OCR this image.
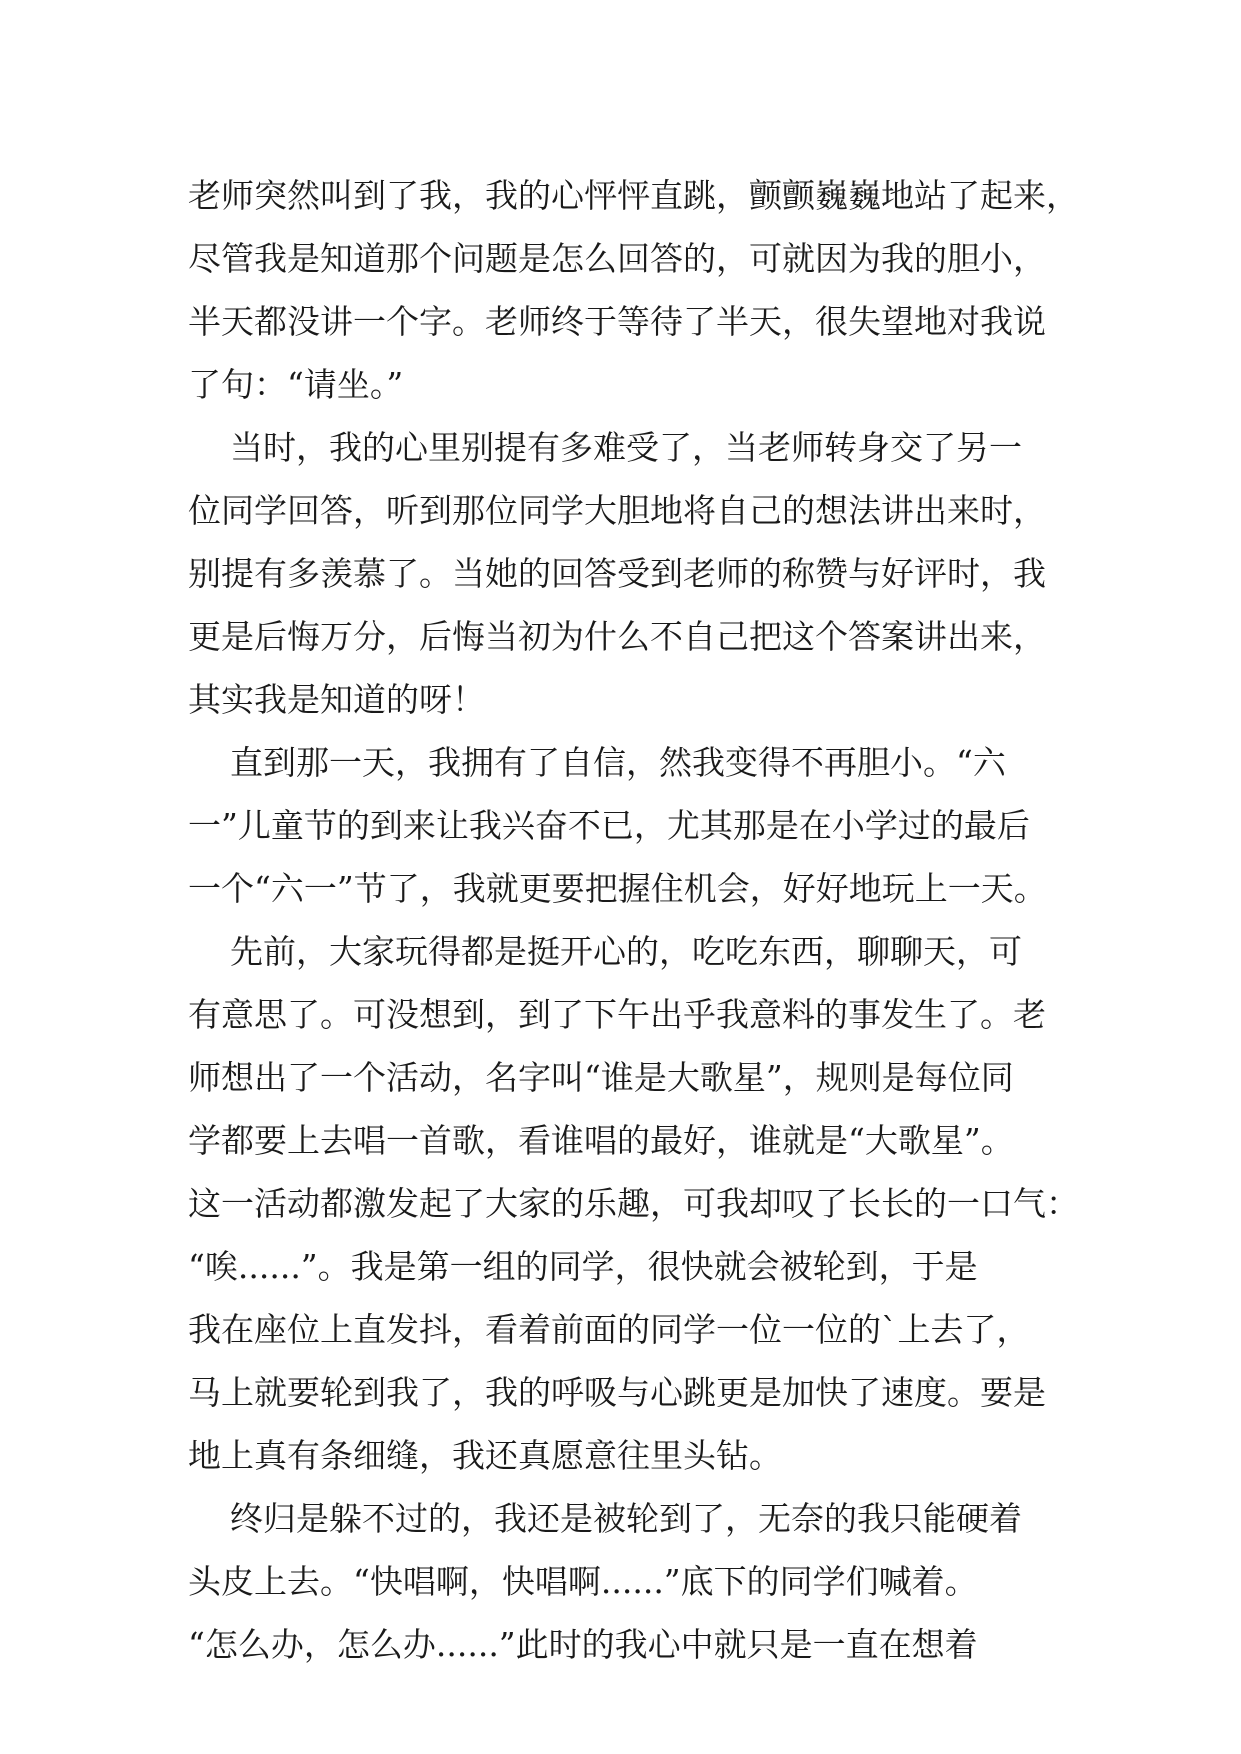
老师突然叫到了我，我的心怦怦直跳，颤颤巍巍地站了起来，
尽管我是知道那个问题是怎么回答的，可就因为我的胆小，
半天都没讲一个字。老师终于等待了半天，很失望地对我说
了句：“请坐。”
当时，我的心里别提有多难受了，当老师转身交了另一
位同学回答，听到那位同学大胆地将自己的想法讲出来时，
别提有多羡慕了。当她的回答受到老师的称赞与好评时，我
更是后悔万分，后悔当初为什么不自己把这个答案讲出来，
其实我是知道的呀！
直到那一天，我拥有了自信，然我变得不再胆小。“六
一”儿童节的到来让我兴奋不已，尤其那是在小学过的最后
一个“六一”节了，我就更要把握住机会，好好地玩上一天。
先前，大家玩得都是挺开心的，吃吃东西，聊聊天，可
有意思了。可没想到，到了下午出乎我意料的事发生了。老
师想出了一个活动，名字叫“谁是大歌星”，规则是每位同
学都要上去唱一首歌，看谁唱的最好，谁就是“大歌星”。
这一活动都激发起了大家的乐趣，可我却叹了长长的一口气：
“唉......”。我是第一组的同学，很快就会被轮到，于是
我在座位上直发抖，看着前面的同学一位一位的`上去了，
马上就要轮到我了，我的呼吸与心跳更是加快了速度。要是
地上真有条细缝，我还真愿意往里头钻。
终归是躲不过的，我还是被轮到了，无奈的我只能硬着
头皮上去。“快唱啊，快唱啊......”底下的同学们喊着。
“怎么办，怎么办......”此时的我心中就只是一直在想着
